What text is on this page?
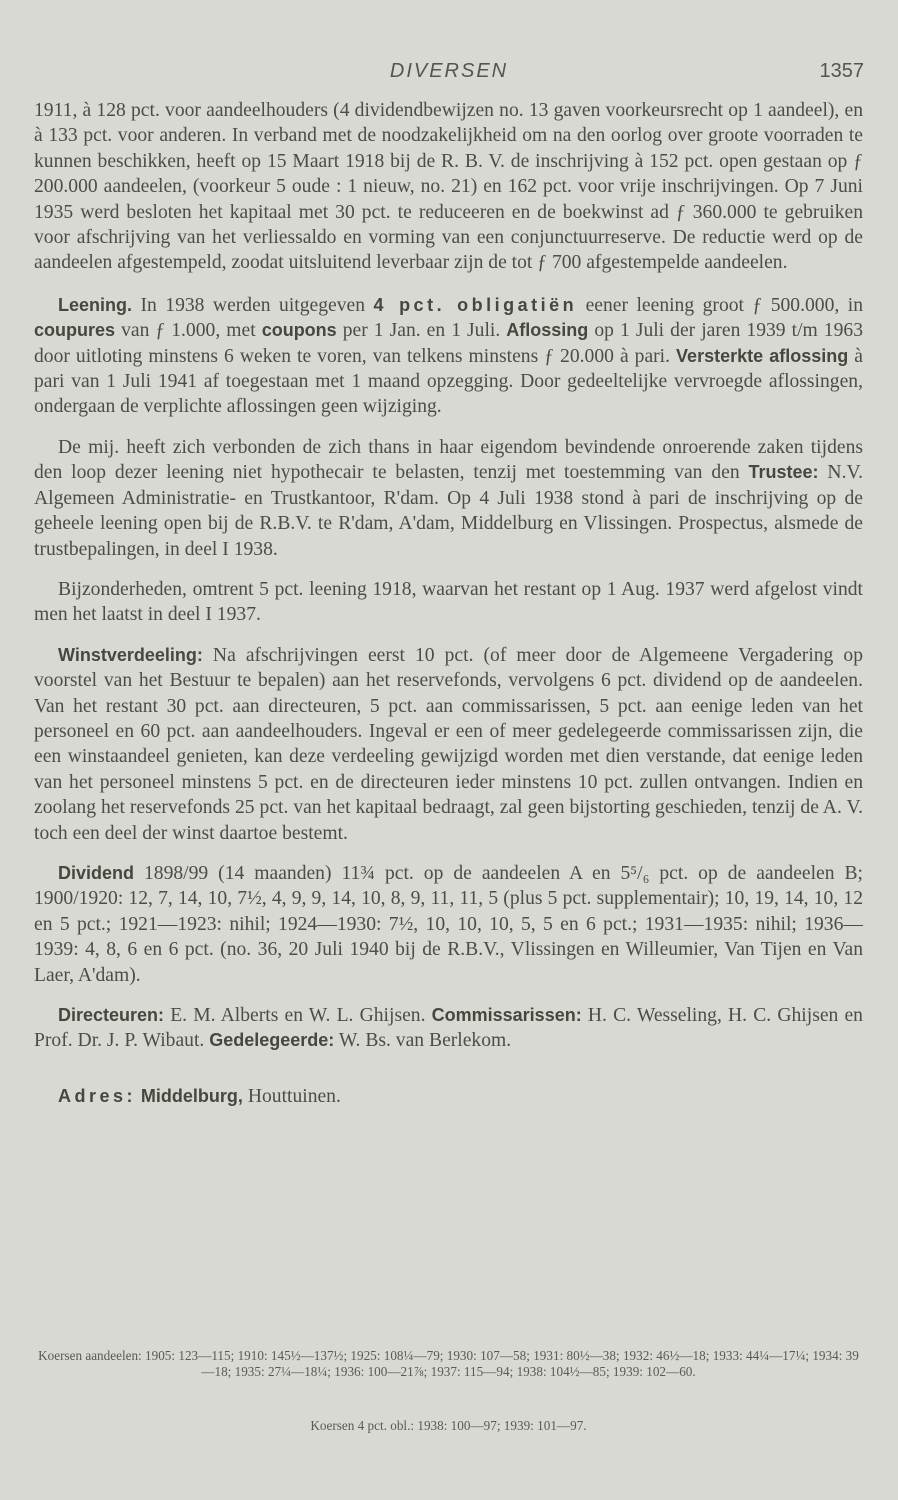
DIVERSEN	1357

1911, à 128 pct. voor aandeelhouders (4 dividendbewijzen no. 13 gaven voorkeursrecht op 1 aandeel), en à 133 pct. voor anderen. In verband met de noodzakelijkheid om na den oorlog over groote voorraden te kunnen beschikken, heeft op 15 Maart 1918 bij de R. B. V. de inschrijving à 152 pct. open gestaan op ƒ 200.000 aandeelen, (voorkeur 5 oude : 1 nieuw, no. 21) en 162 pct. voor vrije inschrijvingen. Op 7 Juni 1935 werd besloten het kapitaal met 30 pct. te reduceeren en de boekwinst ad ƒ 360.000 te gebruiken voor afschrijving van het verliessaldo en vorming van een conjunctuurreserve. De reductie werd op de aandeelen afgestempeld, zoodat uitsluitend leverbaar zijn de tot ƒ 700 afgestempelde aandeelen.

Leening. In 1938 werden uitgegeven 4 pct. obligatiën eener leening groot ƒ 500.000, in coupures van ƒ 1.000, met coupons per 1 Jan. en 1 Juli. Aflossing op 1 Juli der jaren 1939 t/m 1963 door uitloting minstens 6 weken te voren, van telkens minstens ƒ 20.000 à pari. Versterkte aflossing à pari van 1 Juli 1941 af toegestaan met 1 maand opzegging. Door gedeeltelijke vervroegde aflossingen, ondergaan de verplichte aflossingen geen wijziging.

De mij. heeft zich verbonden de zich thans in haar eigendom bevindende onroerende zaken tijdens den loop dezer leening niet hypothecair te belasten, tenzij met toestemming van den Trustee: N.V. Algemeen Administratie- en Trustkantoor, R'dam. Op 4 Juli 1938 stond à pari de inschrijving op de geheele leening open bij de R.B.V. te R'dam, A'dam, Middelburg en Vlissingen. Prospectus, alsmede de trustbepalingen, in deel I 1938.

Bijzonderheden, omtrent 5 pct. leening 1918, waarvan het restant op 1 Aug. 1937 werd afgelost vindt men het laatst in deel I 1937.

Winstverdeeling: Na afschrijvingen eerst 10 pct. (of meer door de Algemeene Vergadering op voorstel van het Bestuur te bepalen) aan het reservefonds, vervolgens 6 pct. dividend op de aandeelen. Van het restant 30 pct. aan directeuren, 5 pct. aan commissarissen, 5 pct. aan eenige leden van het personeel en 60 pct. aan aandeelhouders. Ingeval er een of meer gedelegeerde commissarissen zijn, die een winstaandeel genieten, kan deze verdeeling gewijzigd worden met dien verstande, dat eenige leden van het personeel minstens 5 pct. en de directeuren ieder minstens 10 pct. zullen ontvangen. Indien en zoolang het reservefonds 25 pct. van het kapitaal bedraagt, zal geen bijstorting geschieden, tenzij de A. V. toch een deel der winst daartoe bestemt.

Dividend 1898/99 (14 maanden) 11¾ pct. op de aandeelen A en 5⁵/₆ pct. op de aandeelen B; 1900/1920: 12, 7, 14, 10, 7½, 4, 9, 9, 14, 10, 8, 9, 11, 11, 5 (plus 5 pct. supplementair); 10, 19, 14, 10, 12 en 5 pct.; 1921—1923: nihil; 1924—1930: 7½, 10, 10, 10, 5, 5 en 6 pct.; 1931—1935: nihil; 1936—1939: 4, 8, 6 en 6 pct. (no. 36, 20 Juli 1940 bij de R.B.V., Vlissingen en Willeumier, Van Tijen en Van Laer, A'dam).

Directeuren: E. M. Alberts en W. L. Ghijsen. Commissarissen: H. C. Wesseling, H. C. Ghijsen en Prof. Dr. J. P. Wibaut. Gedelegeerde: W. Bs. van Berlekom.

Adres: Middelburg, Houttuinen.

Koersen aandeelen: 1905: 123—115; 1910: 145½—137½; 1925: 108¼—79; 1930: 107—58; 1931: 80½—38; 1932: 46½—18; 1933: 44¼—17¼; 1934: 39—18; 1935: 27¼—18¼; 1936: 100—21⅞; 1937: 115—94; 1938: 104½—85; 1939: 102—60.
Koersen 4 pct. obl.: 1938: 100—97; 1939: 101—97.
